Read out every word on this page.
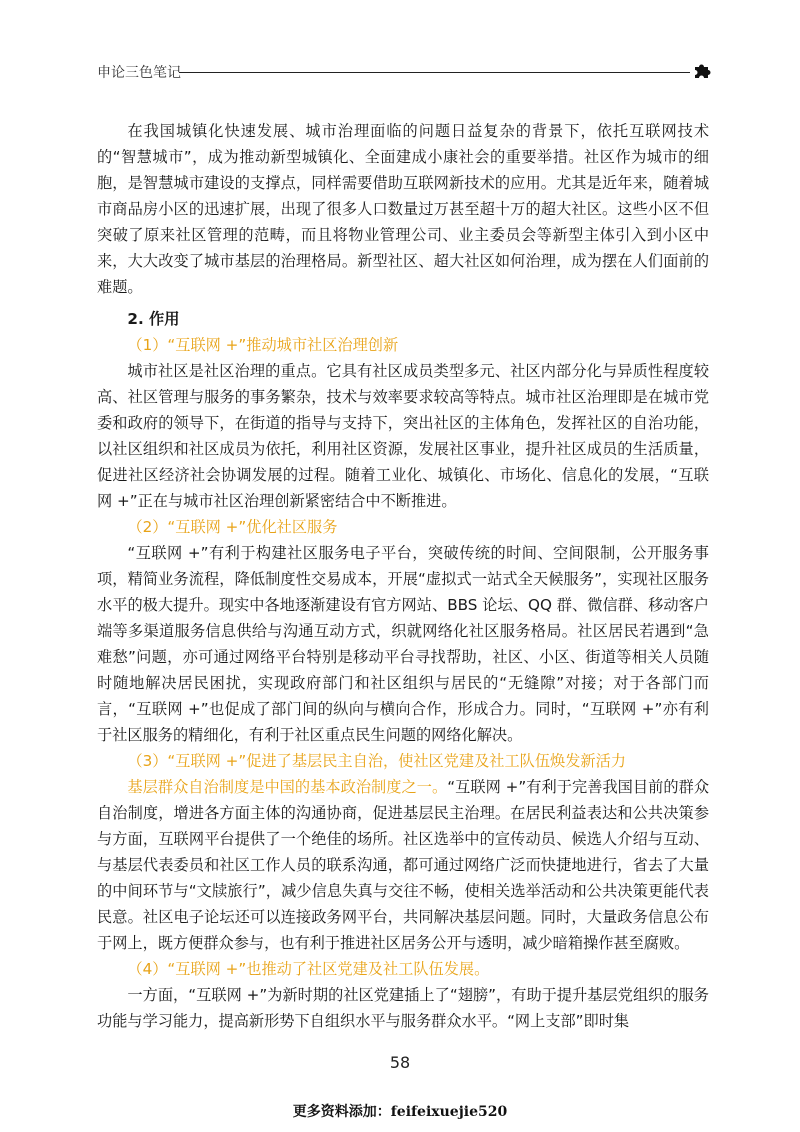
申论三色笔记

在我国城镇化快速发展、城市治理面临的问题日益复杂的背景下，依托互联网技术的“智慧城市”，成为推动新型城镇化、全面建成小康社会的重要举措。社区作为城市的细胞，是智慧城市建设的支撑点，同样需要借助互联网新技术的应用。尤其是近年来，随着城市商品房小区的迅速扩展，出现了很多人口数量过万甚至超十万的超大社区。这些小区不但突破了原来社区管理的范畴，而且将物业管理公司、业主委员会等新型主体引入到小区中来，大大改变了城市基层的治理格局。新型社区、超大社区如何治理，成为摆在人们面前的难题。

2. 作用

（1）“互联网 +”推动城市社区治理创新

城市社区是社区治理的重点。它具有社区成员类型多元、社区内部分化与异质性程度较高、社区管理与服务的事务繁杂，技术与效率要求较高等特点。城市社区治理即是在城市党委和政府的领导下，在街道的指导与支持下，突出社区的主体角色，发挥社区的自治功能，以社区组织和社区成员为依托，利用社区资源，发展社区事业，提升社区成员的生活质量，促进社区经济社会协调发展的过程。随着工业化、城镇化、市场化、信息化的发展，“互联网 +”正在与城市社区治理创新紧密结合中不断推进。

（2）“互联网 +”优化社区服务

“互联网 +”有利于构建社区服务电子平台，突破传统的时间、空间限制，公开服务事项，精简业务流程，降低制度性交易成本，开展“虚拟式一站式全天候服务”，实现社区服务水平的极大提升。现实中各地逐渐建设有官方网站、BBS 论坛、QQ 群、微信群、移动客户端等多渠道服务信息供给与沟通互动方式，织就网络化社区服务格局。社区居民若遇到“急难愁”问题，亦可通过网络平台特别是移动平台寻找帮助，社区、小区、街道等相关人员随时随地解决居民困扰，实现政府部门和社区组织与居民的“无缝隙”对接；对于各部门而言，“互联网 +”也促成了部门间的纵向与横向合作，形成合力。同时，“互联网 +”亦有利于社区服务的精细化，有利于社区重点民生问题的网络化解决。

（3）“互联网 +”促进了基层民主自治，使社区党建及社工队伍焕发新活力

基层群众自治制度是中国的基本政治制度之一。“互联网 +”有利于完善我国目前的群众自治制度，增进各方面主体的沟通协商，促进基层民主治理。在居民利益表达和公共决策参与方面，互联网平台提供了一个绝佳的场所。社区选举中的宣传动员、候选人介绍与互动、与基层代表委员和社区工作人员的联系沟通，都可通过网络广泛而快捷地进行，省去了大量的中间环节与“文牍旅行”，减少信息失真与交往不畅，使相关选举活动和公共决策更能代表民意。社区电子论坛还可以连接政务网平台，共同解决基层问题。同时，大量政务信息公布于网上，既方便群众参与，也有利于推进社区居务公开与透明，减少暗箱操作甚至腐败。

（4）“互联网 +”也推动了社区党建及社工队伍发展。

一方面，“互联网 +”为新时期的社区党建插上了“翅膀”，有助于提升基层党组织的服务功能与学习能力，提高新形势下自组织水平与服务群众水平。“网上支部”即时集

58
更多资料添加：feifeixuejie520
